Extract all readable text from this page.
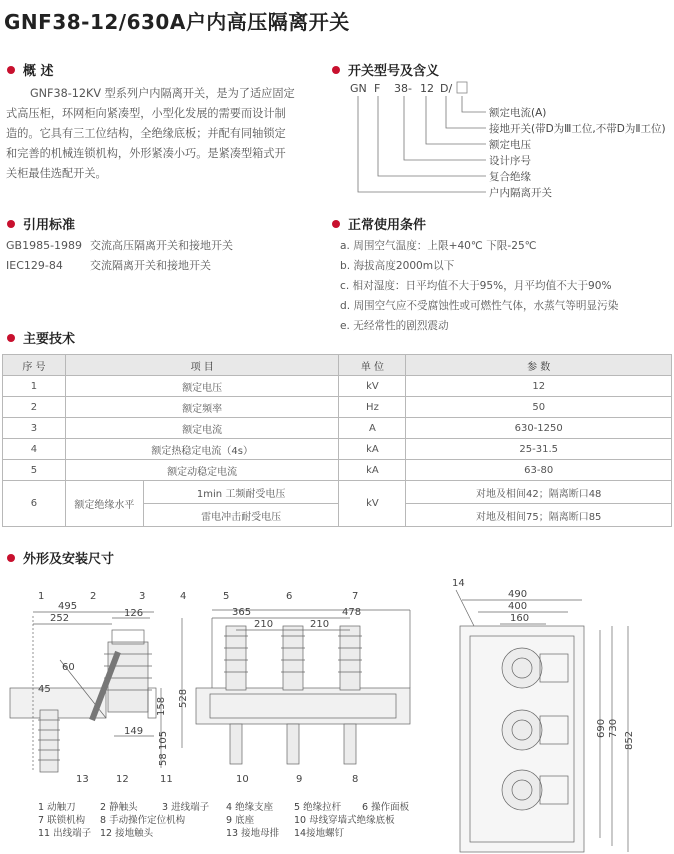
GNF38-12/630A户内高压隔离开关
概 述
GNF38-12KV 型系列户内隔离开关，是为了适应固定
式高压柜，环网柜向紧凑型，小型化发展的需要而设计制
造的。它具有三工位结构，全绝缘底板；并配有同轴锁定
和完善的机械连锁机构，外形紧凑小巧。是紧凑型箱式开
关柜最佳选配开关。
开关型号及含义
GN F 38- 12 D/
额定电流(A)
接地开关(带D为Ⅲ工位,不带D为Ⅱ工位)
额定电压
设计序号
复合绝缘
户内隔离开关
引用标准
GB1985-1989 交流高压隔离开关和接地开关
IEC129-84 交流隔离开关和接地开关
正常使用条件
a. 周围空气温度：上限+40℃ 下限-25℃
b. 海拔高度2000m以下
c. 相对湿度：日平均值不大于95%，月平均值不大于90%
d. 周围空气应不受腐蚀性或可燃性气体，水蒸气等明显污染
e. 无经常性的剧烈震动
主要技术
序 号	项 目		单 位	参 数
1	额定电压		kV	12
2	额定频率		Hz	50
3	额定电流		A	630-1250
4	额定热稳定电流（4s）		kA	25-31.5
5	额定动稳定电流		kA	63-80
6	额定绝缘水平	1min 工频耐受电压	kV	对地及相间42；隔离断口48
		雷电冲击耐受电压		对地及相间75；隔离断口85
外形及安装尺寸
495
252	126
60
45
149
158
105
58
528
365
210	210
478
490
400
160
690 730
852
1	2	3	4	5	6	7
14
13	12	11	10	9	8
1 动触刀	2 静触头	3 进线端子 4 绝缘支座 5 绝缘拉杆 6 操作面板
7 联锁机构 8 手动操作定位机构	9 底座	10 母线穿墙式绝缘底板
11 出线端子 12 接地触头	13 接地母排 14接地螺钉
